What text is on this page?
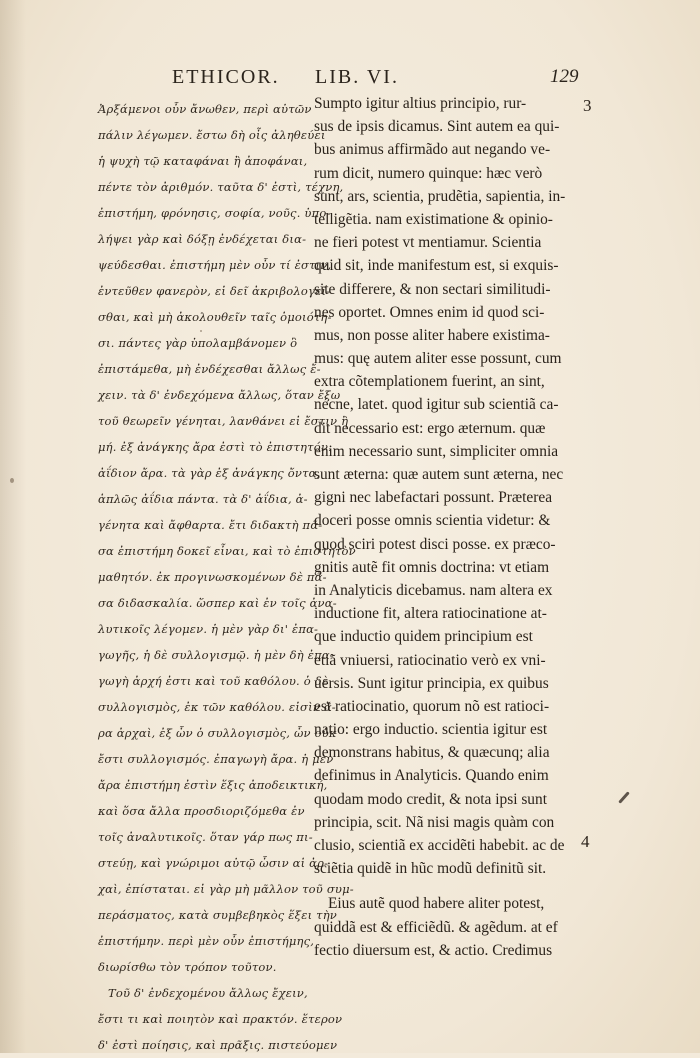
ETHICOR. LIB. VI.	129
Ἀρξάμενοι οὖν ἄνωθεν, περὶ αὐτῶν
πάλιν λέγωμεν. ἔστω δὴ οἷς ἀληθεύει
ἡ ψυχὴ τῷ καταφάναι ἢ ἀποφάναι,
πέντε τὸν ἀριθμόν. ταῦτα δ' ἐστὶ, τέχνη,
ἐπιστήμη, φρόνησις, σοφία, νοῦς. ὑπο-
λήψει γὰρ καὶ δόξῃ ἐνδέχεται δια-
ψεύδεσθαι. ἐπιστήμη μὲν οὖν τί ἐστιν,
ἐντεῦθεν φανερὸν, εἰ δεῖ ἀκριβολογεῖ-
σθαι, καὶ μὴ ἀκολουθεῖν ταῖς ὁμοιότη-
σι. πάντες γὰρ ὑπολαμβάνομεν ὃ
ἐπιστάμεθα, μὴ ἐνδέχεσθαι ἄλλως ἔ-
χειν. τὰ δ' ἐνδεχόμενα ἄλλως, ὅταν ἔξω
τοῦ θεωρεῖν γένηται, λανθάνει εἰ ἔστιν ἢ
μή. ἐξ ἀνάγκης ἄρα ἐστὶ τὸ ἐπιστητόν.
ἀΐδιον ἄρα. τὰ γὰρ ἐξ ἀνάγκης ὄντα,
ἁπλῶς ἀΐδια πάντα. τὰ δ' ἀΐδια, ἀ-
γένητα καὶ ἄφθαρτα. ἔτι διδακτὴ πᾶ-
σα ἐπιστήμη δοκεῖ εἶναι, καὶ τὸ ἐπιστητὸν
μαθητόν. ἐκ προγινωσκομένων δὲ πᾶ-
σα διδασκαλία. ὥσπερ καὶ ἐν τοῖς ἀνα-
λυτικοῖς λέγομεν. ἡ μὲν γὰρ δι' ἐπα-
γωγῆς, ἡ δὲ συλλογισμῷ. ἡ μὲν δὴ ἐπα-
γωγὴ ἀρχή ἐστι καὶ τοῦ καθόλου. ὁ δὲ
συλλογισμὸς, ἐκ τῶν καθόλου. εἰσὶν ἄ-
ρα ἀρχαὶ, ἐξ ὧν ὁ συλλογισμὸς, ὧν οὐκ
ἔστι συλλογισμός. ἐπαγωγὴ ἄρα. ἡ μὲν
ἄρα ἐπιστήμη ἐστὶν ἕξις ἀποδεικτική,
καὶ ὅσα ἄλλα προσδιοριζόμεθα ἐν
τοῖς ἀναλυτικοῖς. ὅταν γάρ πως πι-
στεύῃ, καὶ γνώριμοι αὐτῷ ὦσιν αἱ ἀρ-
χαὶ, ἐπίσταται. εἰ γὰρ μὴ μᾶλλον τοῦ συμ-
περάσματος, κατὰ συμβεβηκὸς ἕξει τὴν
ἐπιστήμην. περὶ μὲν οὖν ἐπιστήμης,
διωρίσθω τὸν τρόπον τοῦτον.
Τοῦ δ' ἐνδεχομένου ἄλλως ἔχειν,
ἔστι τι καὶ ποιητὸν καὶ πρακτόν. ἕτερον
δ' ἐστὶ ποίησις, καὶ πρᾶξις. πιστεύομεν
Sumpto igitur altius principio, rur-
sus de ipsis dicamus. Sint autem ea qui-
bus animus affirmãdo aut negando ve-
rum dicit, numero quinque: hæc verò
sunt, ars, scientia, prudẽtia, sapientia, in-
telligẽtia. nam existimatione & opinio-
ne fieri potest vt mentiamur. Scientia
quid sit, inde manifestum est, si exquis-
site differere, & non sectari similitudi-
nes oportet. Omnes enim id quod sci-
mus, non posse aliter habere existima-
mus: quę autem aliter esse possunt, cum
extra cõtemplationem fuerint, an sint,
nécne, latet. quod igitur sub scientiã ca-
dit necessario est: ergo æternum. quæ
enim necessario sunt, simpliciter omnia
sunt æterna: quæ autem sunt æterna, nec
gigni nec labefactari possunt. Præterea
doceri posse omnis scientia videtur: &
quod sciri potest disci posse. ex præco-
gnitis autẽ fit omnis doctrina: vt etiam
in Analyticis dicebamus. nam altera ex
inductione fit, altera ratiocinatione at-
que inductio quidem principium est
etiã vniuersi, ratiocinatio verò ex vni-
uersis. Sunt igitur principia, ex quibus
est ratiocinatio, quorum nõ est ratioci-
natio: ergo inductio. scientia igitur est
demonstrans habitus, & quæcunq; alia
definimus in Analyticis. Quando enim
quodam modo credit, & nota ipsi sunt
principia, scit. Nã nisi magis quàm con
clusio, scientiã ex accidẽti habebit. ac de
sciẽtia quidẽ in hũc modũ definitũ sit.
Eius autẽ quod habere aliter potest,
quiddã est & efficiẽdũ. & agẽdum. at ef
fectio diuersum est, & actio. Credimus
3
4
